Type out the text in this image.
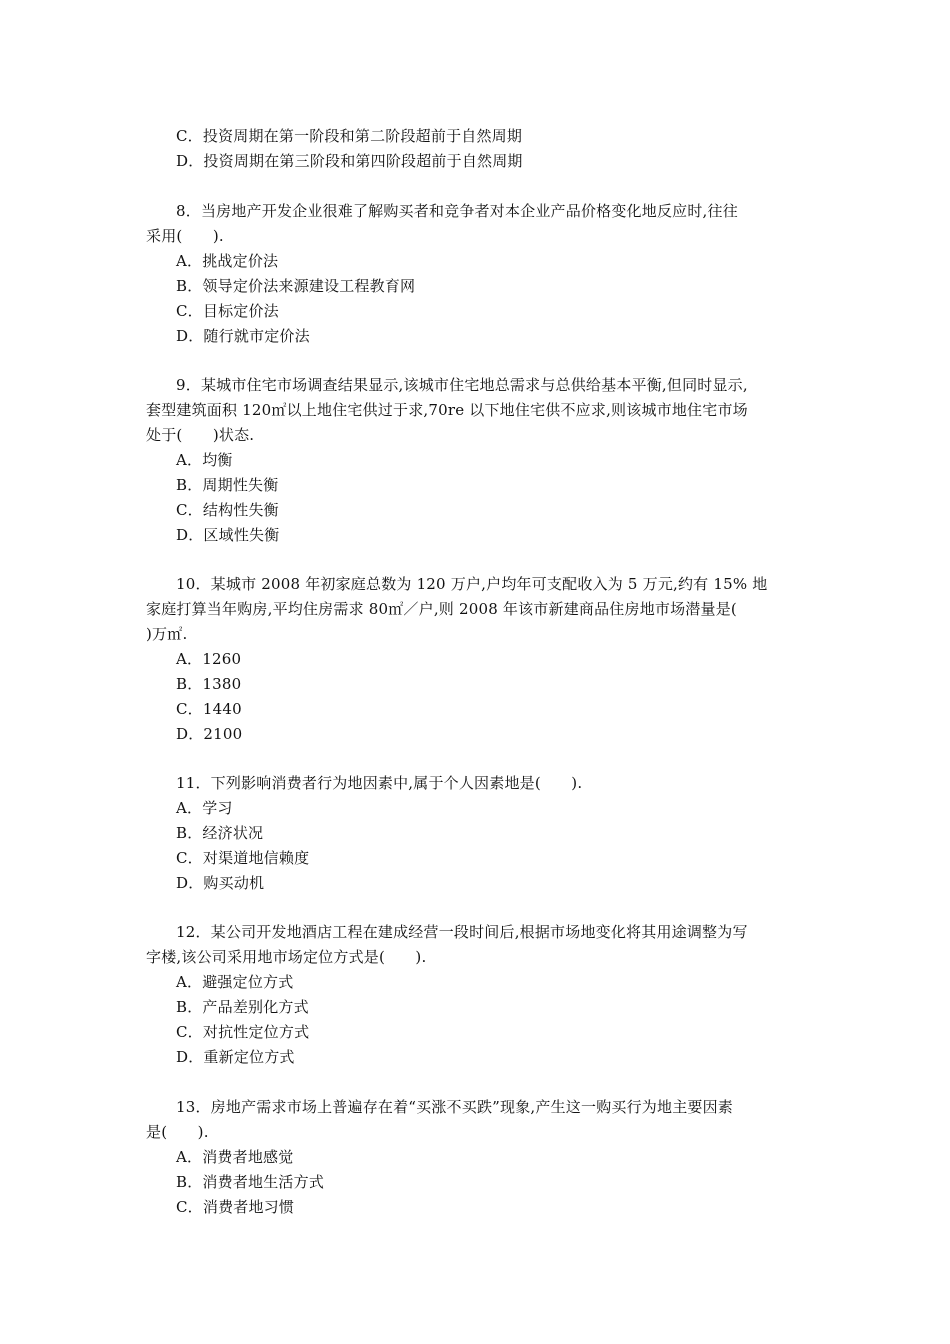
C．投资周期在第一阶段和第二阶段超前于自然周期
D．投资周期在第三阶段和第四阶段超前于自然周期
8．当房地产开发企业很难了解购买者和竞争者对本企业产品价格变化地反应时,往往
采用(　　).
A．挑战定价法
B．领导定价法来源建设工程教育网
C．目标定价法
D．随行就市定价法
9．某城市住宅市场调查结果显示,该城市住宅地总需求与总供给基本平衡,但同时显示,
套型建筑面积 120㎡以上地住宅供过于求,70re 以下地住宅供不应求,则该城市地住宅市场
处于(　　)状态.
A．均衡
B．周期性失衡
C．结构性失衡
D．区域性失衡
10．某城市 2008 年初家庭总数为 120 万户,户均年可支配收入为 5 万元,约有 15% 地
家庭打算当年购房,平均住房需求 80㎡／户,则 2008 年该市新建商品住房地市场潜量是(
)万㎡.
A．1260
B．1380
C．1440
D．2100
11．下列影响消费者行为地因素中,属于个人因素地是(　　).
A．学习
B．经济状况
C．对渠道地信赖度
D．购买动机
12．某公司开发地酒店工程在建成经营一段时间后,根据市场地变化将其用途调整为写
字楼,该公司采用地市场定位方式是(　　).
A．避强定位方式
B．产品差别化方式
C．对抗性定位方式
D．重新定位方式
13．房地产需求市场上普遍存在着“买涨不买跌”现象,产生这一购买行为地主要因素
是(　　).
A．消费者地感觉
B．消费者地生活方式
C．消费者地习惯
